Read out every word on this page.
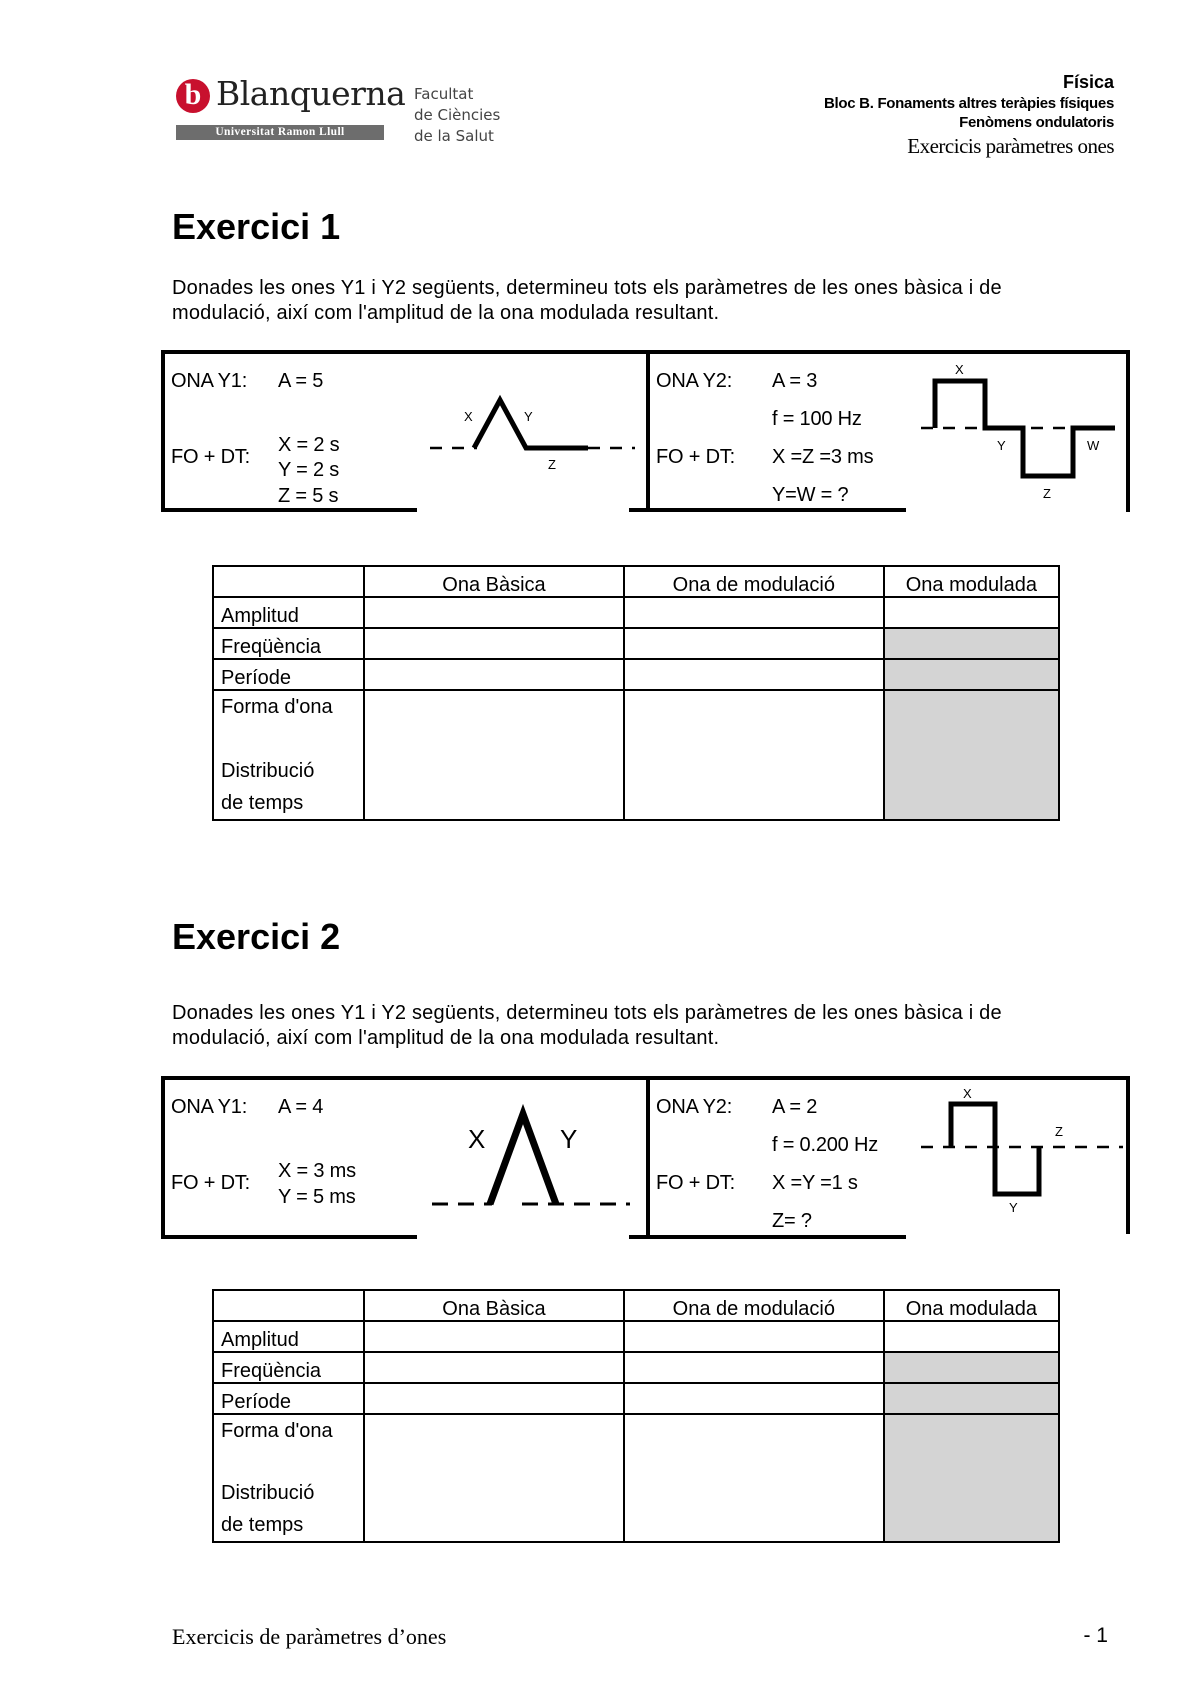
b Blanquerna
Universitat Ramon Llull
Facultat
de Ciències
de la Salut
Física
Bloc B. Fonaments altres teràpies físiques
Fenòmens ondulatoris
Exercicis paràmetres ones
Exercici 1
Donades les ones Y1 i Y2 següents, determineu tots els paràmetres de les ones bàsica i de modulació, així com l'amplitud de la ona modulada resultant.
ONA Y1: A = 5
FO + DT:
X = 2 s
Y = 2 s
Z = 5 s
X	Y
Z
ONA Y2: A = 3
f = 100 Hz
FO + DT: X =Z =3 ms
Y=W = ?
X
Y
Z
W
	Ona Bàsica	Ona de modulació	Ona modulada
Amplitud			
Freqüència			
Període			

Forma d'ona
Distribució
de temps			

Exercici 2
Donades les ones Y1 i Y2 següents, determineu tots els paràmetres de les ones bàsica i de modulació, així com l'amplitud de la ona modulada resultant.
ONA Y1: A = 4
FO + DT:
X = 3 ms
Y = 5 ms
X	Y
ONA Y2: A = 2
f = 0.200 Hz
FO + DT: X =Y =1 s
Z= ?
X
Y
Z
	Ona Bàsica	Ona de modulació	Ona modulada
Amplitud			
Freqüència			
Període			

Forma d'ona
Distribució
de temps			

Exercicis de paràmetres d’ones	- 1
